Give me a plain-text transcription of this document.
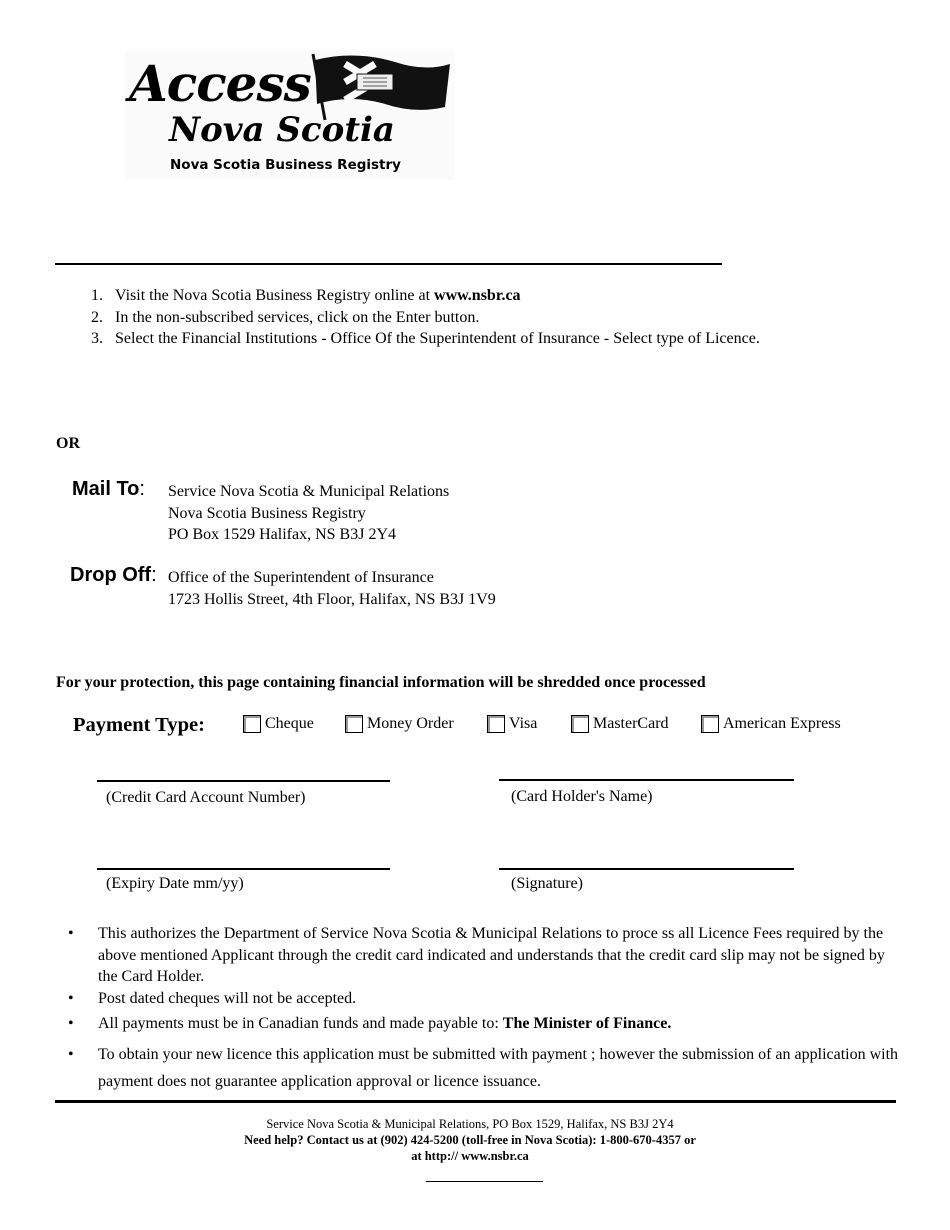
Access
Nova Scotia
Nova Scotia Business Registry
1. Visit the Nova Scotia Business Registry online at www.nsbr.ca
2. In the non-subscribed services, click on the Enter button.
3. Select the Financial Institutions - Office Of the Superintendent of Insurance - Select type of Licence.
OR
Mail To: Service Nova Scotia & Municipal Relations
Nova Scotia Business Registry
PO Box 1529 Halifax, NS B3J 2Y4
Drop Off: Office of the Superintendent of Insurance
1723 Hollis Street, 4th Floor, Halifax, NS B3J 1V9
For your protection, this page containing financial information will be shredded once processed
Payment Type:	Cheque	Money Order	Visa	MasterCard	American Express
(Credit Card Account Number)	(Card Holder's Name)
(Expiry Date mm/yy)	(Signature)
•	This authorizes the Department of Service Nova Scotia & Municipal Relations to proce ss all Licence Fees required by the above mentioned Applicant through the credit card indicated and understands that the credit card slip may not be signed by the Card Holder.
•	Post dated cheques will not be accepted.
•	All payments must be in Canadian funds and made payable to: The Minister of Finance.
•	To obtain your new licence this application must be submitted with payment ; however the submission of an application with payment does not guarantee application approval or licence issuance.
Service Nova Scotia & Municipal Relations, PO Box 1529, Halifax, NS B3J 2Y4
Need help? Contact us at (902) 424-5200 (toll-free in Nova Scotia): 1-800-670-4357 or
at http:// www.nsbr.ca
